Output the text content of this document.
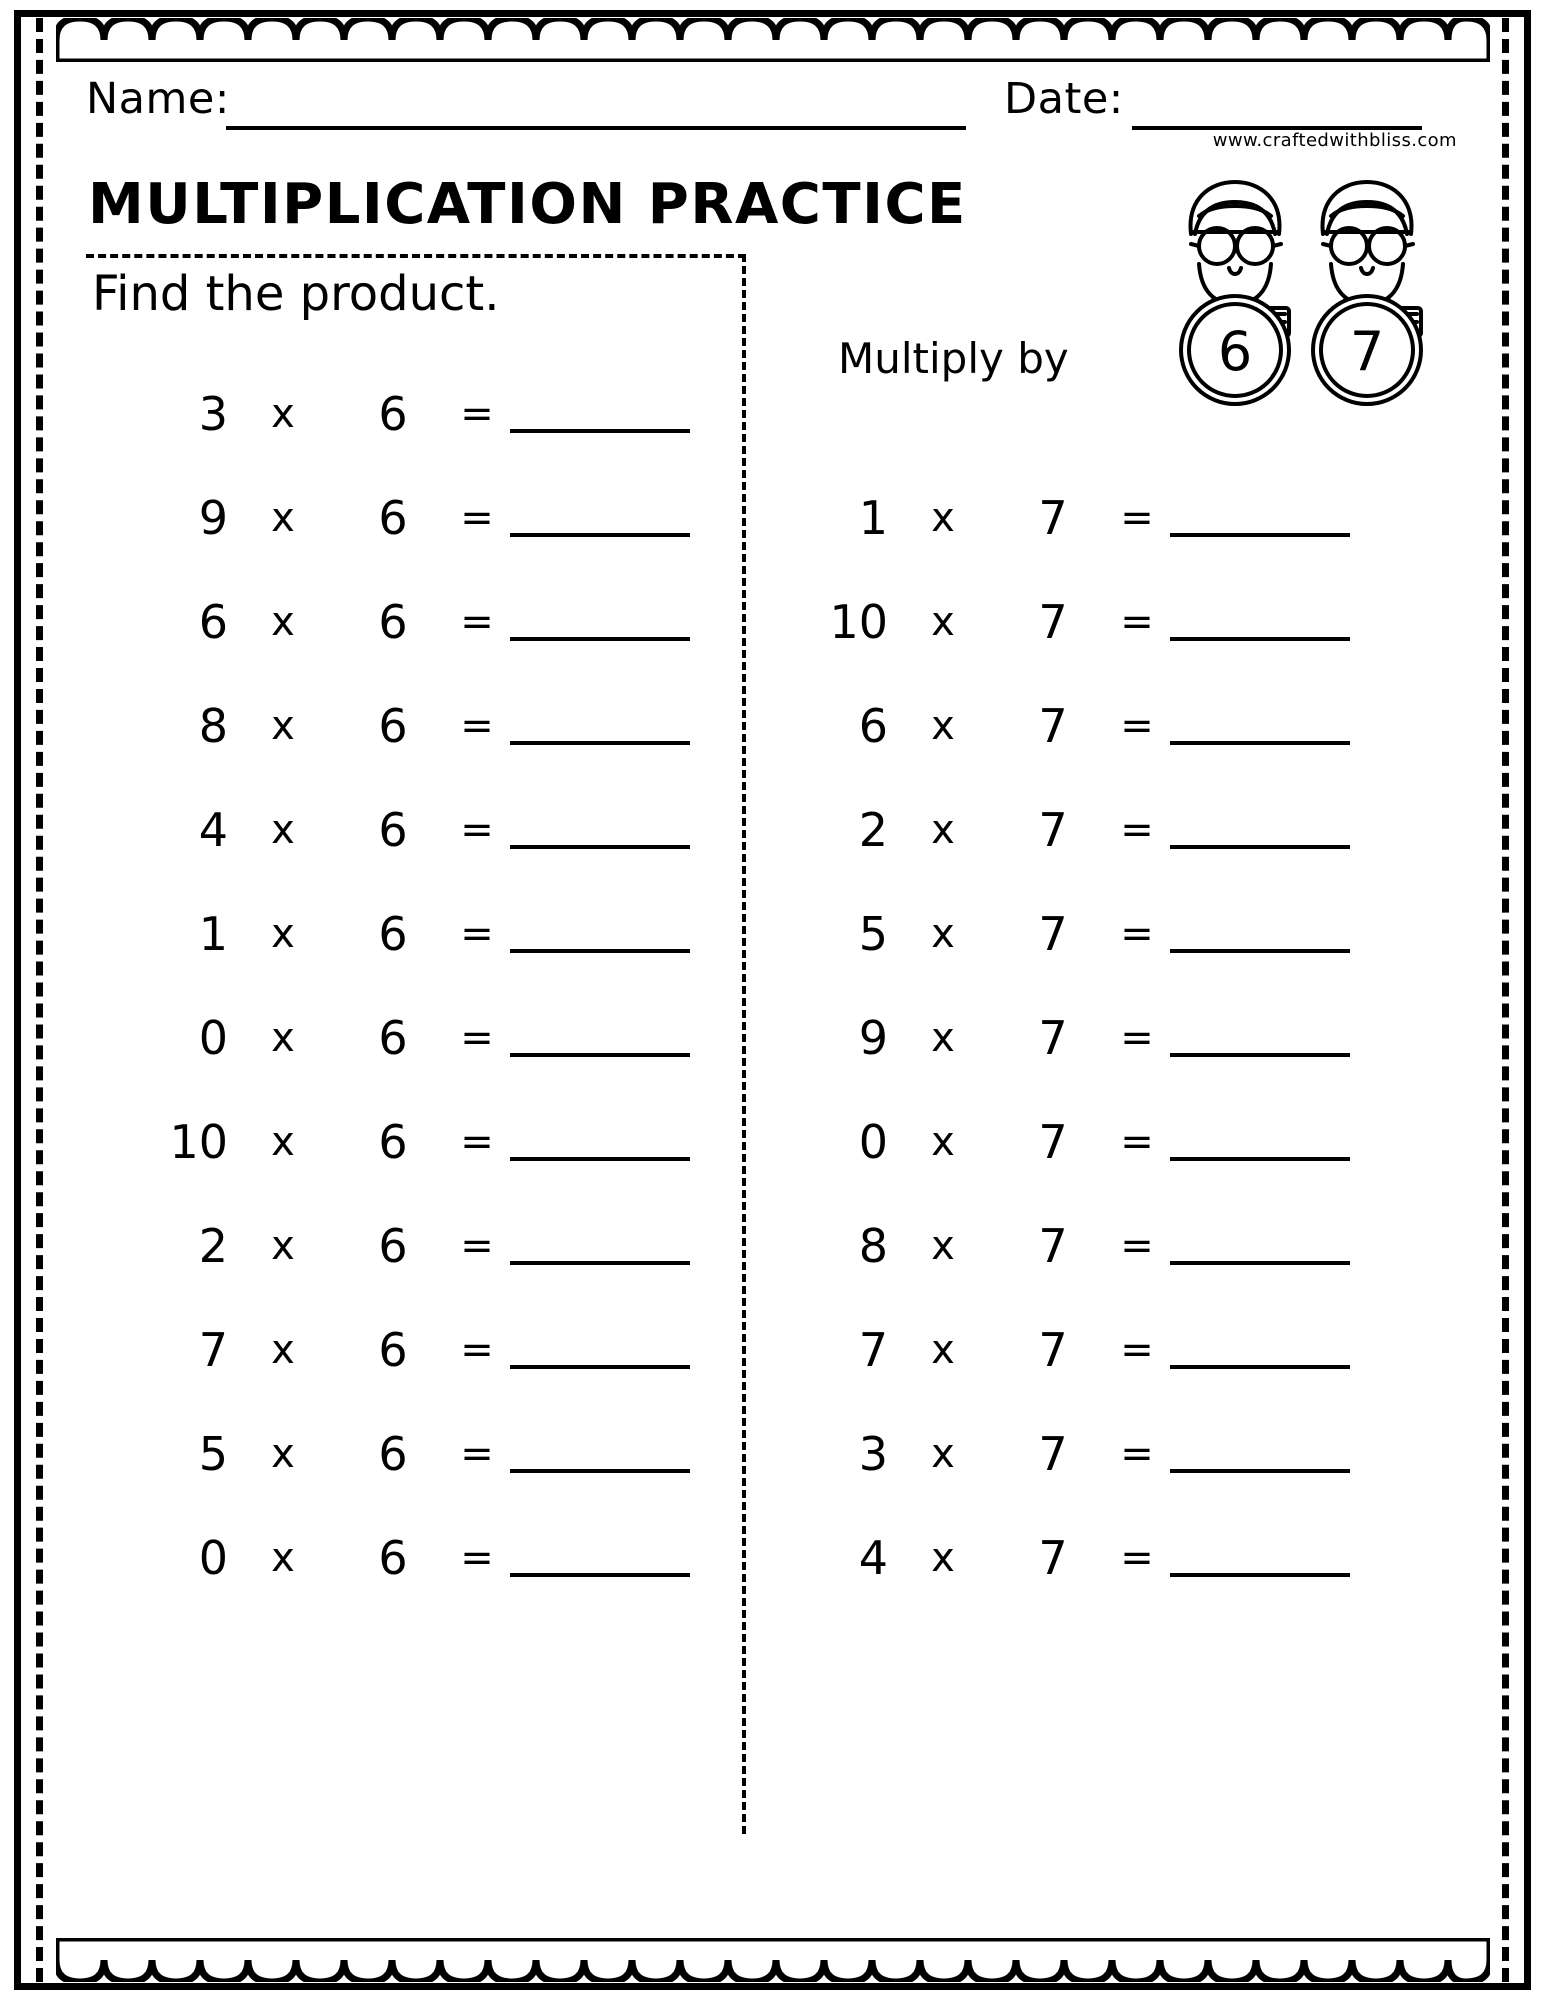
Name:	Date:
www.craftedwithbliss.com
MULTIPLICATION PRACTICE
Find the product.
Multiply by	6 7
3	x	6	=
9	x	6	=
6	x	6	=
8	x	6	=
4	x	6	=
1	x	6	=
0	x	6	=
10	x	6	=
2	x	6	=
7	x	6	=
5	x	6	=
0	x	6	=
1	x	7	=
10	x	7	=
6	x	7	=
2	x	7	=
5	x	7	=
9	x	7	=
0	x	7	=
8	x	7	=
7	x	7	=
3	x	7	=
4	x	7	=
